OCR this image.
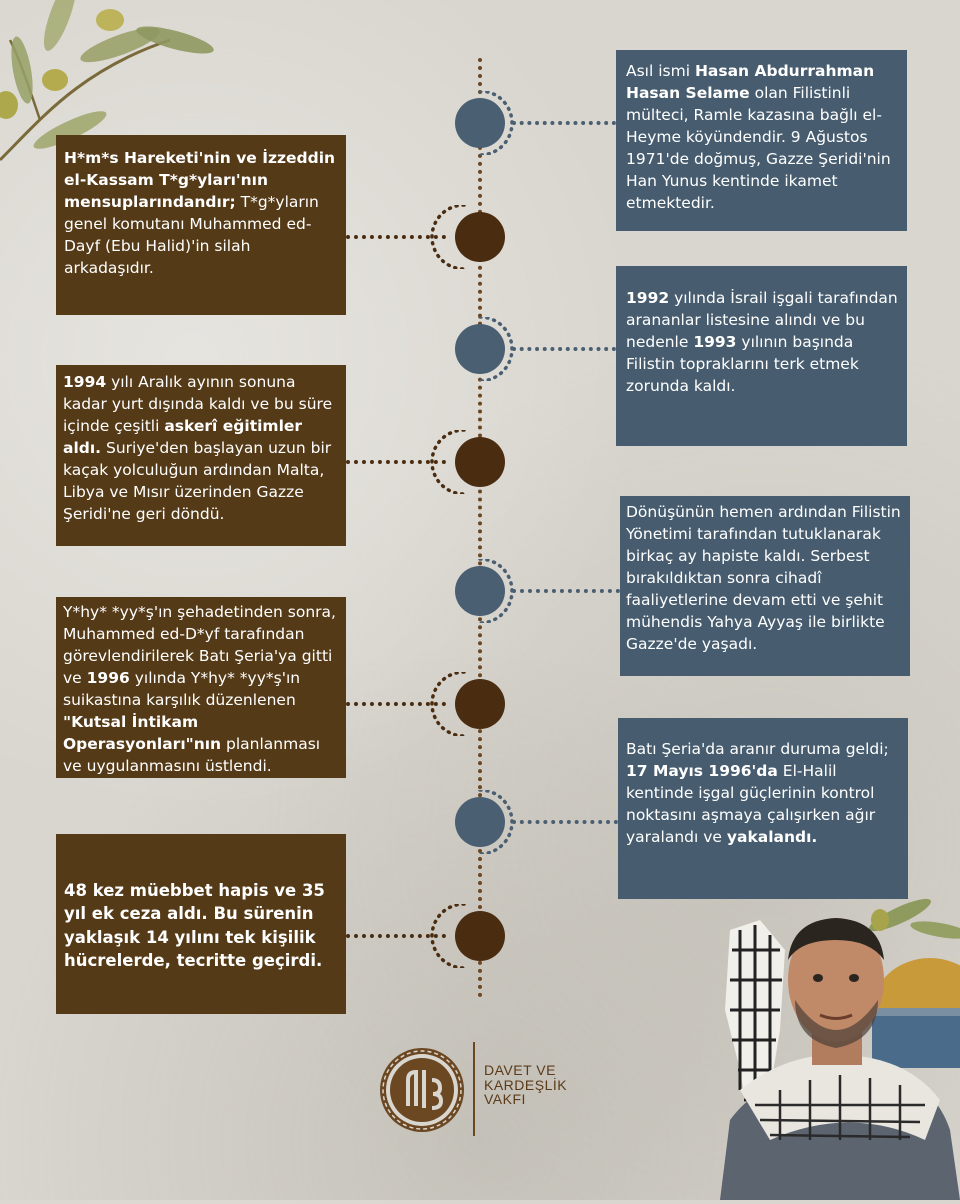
Asıl ismi Hasan Abdurrahman Hasan Selame olan Filistinli mülteci, Ramle kazasına bağlı el-Heyme köyündendir. 9 Ağustos 1971'de doğmuş, Gazze Şeridi'nin Han Yunus kentinde ikamet etmektedir.
1992 yılında İsrail işgali tarafından arananlar listesine alındı ve bu nedenle 1993 yılının başında Filistin topraklarını terk etmek zorunda kaldı.
Dönüşünün hemen ardından Filistin Yönetimi tarafından tutuklanarak birkaç ay hapiste kaldı. Serbest bırakıldıktan sonra cihadî faaliyetlerine devam etti ve şehit mühendis Yahya Ayyaş ile birlikte Gazze'de yaşadı.
Batı Şeria'da aranır duruma geldi; 17 Mayıs 1996'da El-Halil kentinde işgal güçlerinin kontrol noktasını aşmaya çalışırken ağır yaralandı ve yakalandı.
H*m*s Hareketi'nin ve İzzeddin el-Kassam T*g*yları'nın mensuplarındandır; T*g*yların genel komutanı Muhammed ed-Dayf (Ebu Halid)'in silah arkadaşıdır.
1994 yılı Aralık ayının sonuna kadar yurt dışında kaldı ve bu süre içinde çeşitli askerî eğitimler aldı. Suriye'den başlayan uzun bir kaçak yolculuğun ardından Malta, Libya ve Mısır üzerinden Gazze Şeridi'ne geri döndü.
Y*hy* *yy*ş'ın şehadetinden sonra, Muhammed ed-D*yf tarafından görevlendirilerek Batı Şeria'ya gitti ve 1996 yılında Y*hy* *yy*ş'ın suikastına karşılık düzenlenen "Kutsal İntikam Operasyonları"nın planlanması ve uygulanmasını üstlendi.
48 kez müebbet hapis ve 35 yıl ek ceza aldı. Bu sürenin yaklaşık 14 yılını tek kişilik hücrelerde, tecritte geçirdi.
DAVET VE
KARDEŞLİK
VAKFI
